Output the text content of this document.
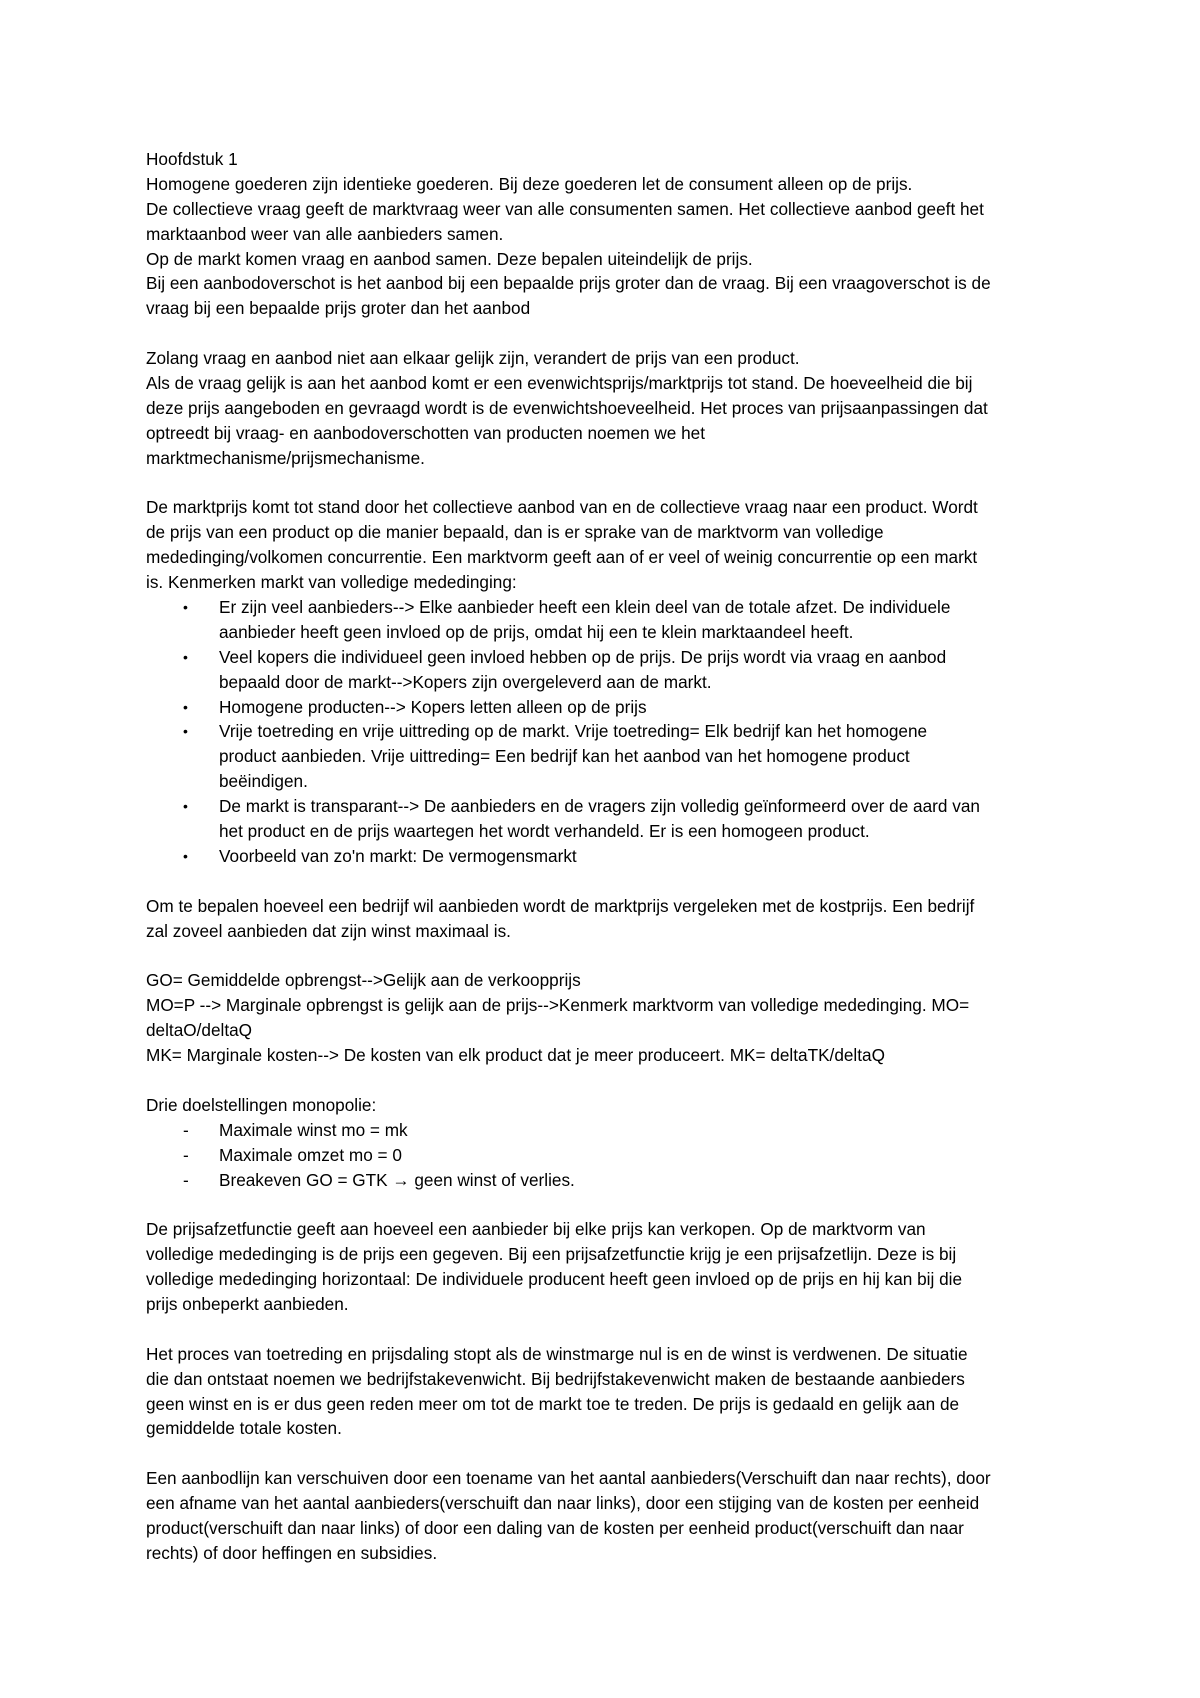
Hoofdstuk 1
Homogene goederen zijn identieke goederen. Bij deze goederen let de consument alleen op de prijs.
De collectieve vraag geeft de marktvraag weer van alle consumenten samen. Het collectieve aanbod geeft het
marktaanbod weer van alle aanbieders samen.
Op de markt komen vraag en aanbod samen. Deze bepalen uiteindelijk de prijs.
Bij een aanbodoverschot is het aanbod bij een bepaalde prijs groter dan de vraag. Bij een vraagoverschot is de
vraag bij een bepaalde prijs groter dan het aanbod
Zolang vraag en aanbod niet aan elkaar gelijk zijn, verandert de prijs van een product.
Als de vraag gelijk is aan het aanbod komt er een evenwichtsprijs/marktprijs tot stand. De hoeveelheid die bij
deze prijs aangeboden en gevraagd wordt is de evenwichtshoeveelheid. Het proces van prijsaanpassingen dat
optreedt bij vraag- en aanbodoverschotten van producten noemen we het
marktmechanisme/prijsmechanisme.
De marktprijs komt tot stand door het collectieve aanbod van en de collectieve vraag naar een product. Wordt
de prijs van een product op die manier bepaald, dan is er sprake van de marktvorm van volledige
mededinging/volkomen concurrentie. Een marktvorm geeft aan of er veel of weinig concurrentie op een markt
is. Kenmerken markt van volledige mededinging:
•	Er zijn veel aanbieders--> Elke aanbieder heeft een klein deel van de totale afzet. De individuele
aanbieder heeft geen invloed op de prijs, omdat hij een te klein marktaandeel heeft.
•	Veel kopers die individueel geen invloed hebben op de prijs. De prijs wordt via vraag en aanbod
bepaald door de markt-->Kopers zijn overgeleverd aan de markt.
•	Homogene producten--> Kopers letten alleen op de prijs
•	Vrije toetreding en vrije uittreding op de markt. Vrije toetreding= Elk bedrijf kan het homogene
product aanbieden. Vrije uittreding= Een bedrijf kan het aanbod van het homogene product
beëindigen.
•	De markt is transparant--> De aanbieders en de vragers zijn volledig geïnformeerd over de aard van
het product en de prijs waartegen het wordt verhandeld. Er is een homogeen product.
•	Voorbeeld van zo'n markt: De vermogensmarkt
Om te bepalen hoeveel een bedrijf wil aanbieden wordt de marktprijs vergeleken met de kostprijs. Een bedrijf
zal zoveel aanbieden dat zijn winst maximaal is.
GO= Gemiddelde opbrengst-->Gelijk aan de verkoopprijs
MO=P --> Marginale opbrengst is gelijk aan de prijs-->Kenmerk marktvorm van volledige mededinging. MO=
deltaO/deltaQ
MK= Marginale kosten--> De kosten van elk product dat je meer produceert. MK= deltaTK/deltaQ
Drie doelstellingen monopolie:
-	Maximale winst mo = mk
-	Maximale omzet mo = 0
-	Breakeven GO = GTK → geen winst of verlies.
De prijsafzetfunctie geeft aan hoeveel een aanbieder bij elke prijs kan verkopen. Op de marktvorm van
volledige mededinging is de prijs een gegeven. Bij een prijsafzetfunctie krijg je een prijsafzetlijn. Deze is bij
volledige mededinging horizontaal: De individuele producent heeft geen invloed op de prijs en hij kan bij die
prijs onbeperkt aanbieden.
Het proces van toetreding en prijsdaling stopt als de winstmarge nul is en de winst is verdwenen. De situatie
die dan ontstaat noemen we bedrijfstakevenwicht. Bij bedrijfstakevenwicht maken de bestaande aanbieders
geen winst en is er dus geen reden meer om tot de markt toe te treden. De prijs is gedaald en gelijk aan de
gemiddelde totale kosten.
Een aanbodlijn kan verschuiven door een toename van het aantal aanbieders(Verschuift dan naar rechts), door
een afname van het aantal aanbieders(verschuift dan naar links), door een stijging van de kosten per eenheid
product(verschuift dan naar links) of door een daling van de kosten per eenheid product(verschuift dan naar
rechts) of door heffingen en subsidies.
